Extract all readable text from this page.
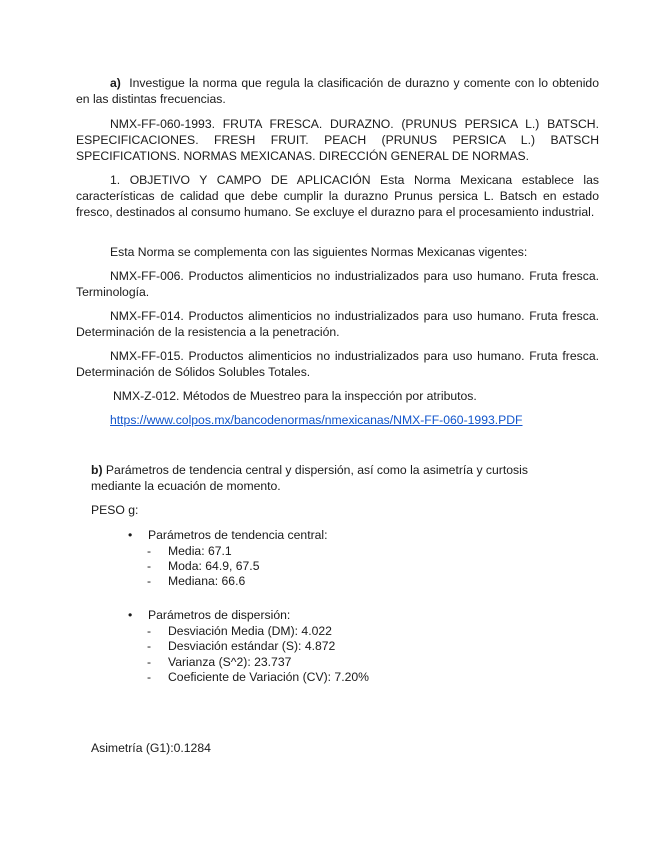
a) Investigue la norma que regula la clasificación de durazno y comente con lo obtenido en las distintas frecuencias.

NMX-FF-060-1993. FRUTA FRESCA. DURAZNO. (PRUNUS PERSICA L.) BATSCH. ESPECIFICACIONES. FRESH FRUIT. PEACH (PRUNUS PERSICA L.) BATSCH SPECIFICATIONS. NORMAS MEXICANAS. DIRECCIÓN GENERAL DE NORMAS.

1. OBJETIVO Y CAMPO DE APLICACIÓN Esta Norma Mexicana establece las características de calidad que debe cumplir la durazno Prunus persica L. Batsch en estado fresco, destinados al consumo humano. Se excluye el durazno para el procesamiento industrial.

Esta Norma se complementa con las siguientes Normas Mexicanas vigentes:

NMX-FF-006. Productos alimenticios no industrializados para uso humano. Fruta fresca. Terminología.

NMX-FF-014. Productos alimenticios no industrializados para uso humano. Fruta fresca. Determinación de la resistencia a la penetración.

NMX-FF-015. Productos alimenticios no industrializados para uso humano. Fruta fresca. Determinación de Sólidos Solubles Totales.

NMX-Z-012. Métodos de Muestreo para la inspección por atributos.

https://www.colpos.mx/bancodenormas/nmexicanas/NMX-FF-060-1993.PDF

b) Parámetros de tendencia central y dispersión, así como la asimetría y curtosis mediante la ecuación de momento.

PESO g:

• Parámetros de tendencia central:

- Media: 67.1

- Moda: 64.9, 67.5

- Mediana: 66.6

• Parámetros de dispersión:

- Desviación Media (DM): 4.022

- Desviación estándar (S): 4.872

- Varianza (S^2): 23.737

- Coeficiente de Variación (CV): 7.20%

Asimetría (G1):0.1284
